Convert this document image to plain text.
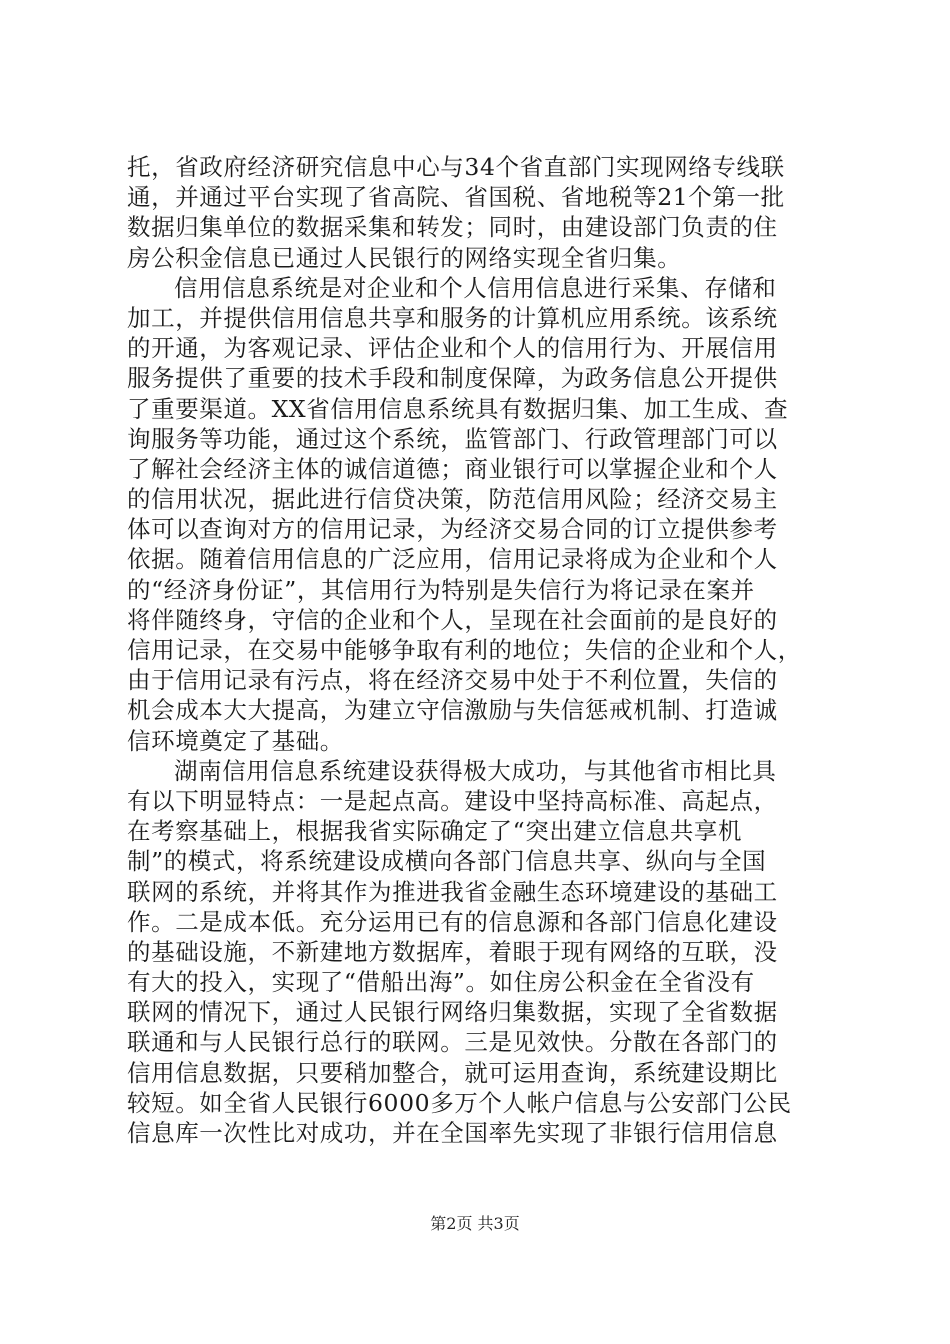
托，省政府经济研究信息中心与34个省直部门实现网络专线联
通，并通过平台实现了省高院、省国税、省地税等21个第一批
数据归集单位的数据采集和转发；同时，由建设部门负责的住
房公积金信息已通过人民银行的网络实现全省归集。
信用信息系统是对企业和个人信用信息进行采集、存储和
加工，并提供信用信息共享和服务的计算机应用系统。该系统
的开通，为客观记录、评估企业和个人的信用行为、开展信用
服务提供了重要的技术手段和制度保障，为政务信息公开提供
了重要渠道。XX省信用信息系统具有数据归集、加工生成、查
询服务等功能，通过这个系统，监管部门、行政管理部门可以
了解社会经济主体的诚信道德；商业银行可以掌握企业和个人
的信用状况，据此进行信贷决策，防范信用风险；经济交易主
体可以查询对方的信用记录，为经济交易合同的订立提供参考
依据。随着信用信息的广泛应用，信用记录将成为企业和个人
的“经济身份证”，其信用行为特别是失信行为将记录在案并
将伴随终身，守信的企业和个人，呈现在社会面前的是良好的
信用记录，在交易中能够争取有利的地位；失信的企业和个人，
由于信用记录有污点，将在经济交易中处于不利位置，失信的
机会成本大大提高，为建立守信激励与失信惩戒机制、打造诚
信环境奠定了基础。
湖南信用信息系统建设获得极大成功，与其他省市相比具
有以下明显特点：一是起点高。建设中坚持高标准、高起点，
在考察基础上，根据我省实际确定了“突出建立信息共享机
制”的模式，将系统建设成横向各部门信息共享、纵向与全国
联网的系统，并将其作为推进我省金融生态环境建设的基础工
作。二是成本低。充分运用已有的信息源和各部门信息化建设
的基础设施，不新建地方数据库，着眼于现有网络的互联，没
有大的投入，实现了“借船出海”。如住房公积金在全省没有
联网的情况下，通过人民银行网络归集数据，实现了全省数据
联通和与人民银行总行的联网。三是见效快。分散在各部门的
信用信息数据，只要稍加整合，就可运用查询，系统建设期比
较短。如全省人民银行6000多万个人帐户信息与公安部门公民
信息库一次性比对成功，并在全国率先实现了非银行信用信息
第2页 共3页
